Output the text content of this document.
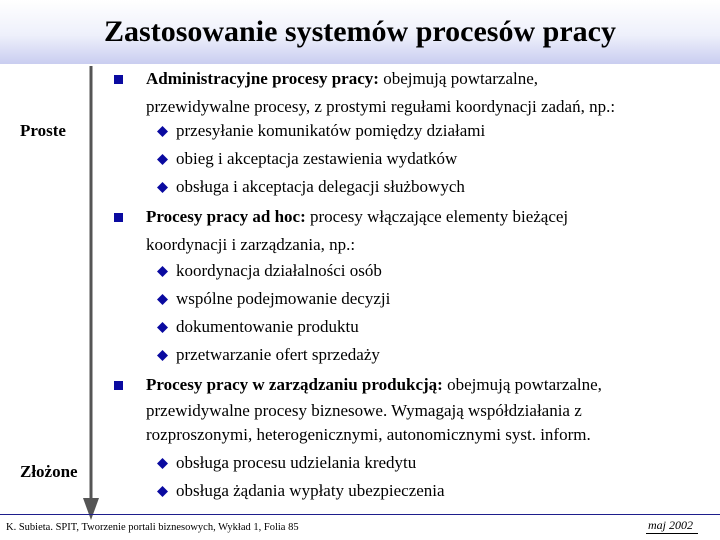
Zastosowanie systemów procesów pracy
Proste
Złożone
Administracyjne procesy pracy: obejmują powtarzalne,
przewidywalne procesy, z prostymi regułami koordynacji zadań, np.:
przesyłanie komunikatów pomiędzy działami
obieg i akceptacja zestawienia wydatków
obsługa i akceptacja delegacji służbowych
Procesy pracy ad hoc: procesy włączające elementy bieżącej
koordynacji i zarządzania, np.:
koordynacja działalności osób
wspólne podejmowanie decyzji
dokumentowanie produktu
przetwarzanie ofert sprzedaży
Procesy pracy w zarządzaniu produkcją: obejmują powtarzalne,
przewidywalne procesy biznesowe. Wymagają współdziałania z
rozproszonymi, heterogenicznymi, autonomicznymi syst. inform.
obsługa procesu udzielania kredytu
obsługa żądania wypłaty ubezpieczenia
K. Subieta. SPIT, Tworzenie portali biznesowych, Wykład 1, Folia 85	maj 2002
